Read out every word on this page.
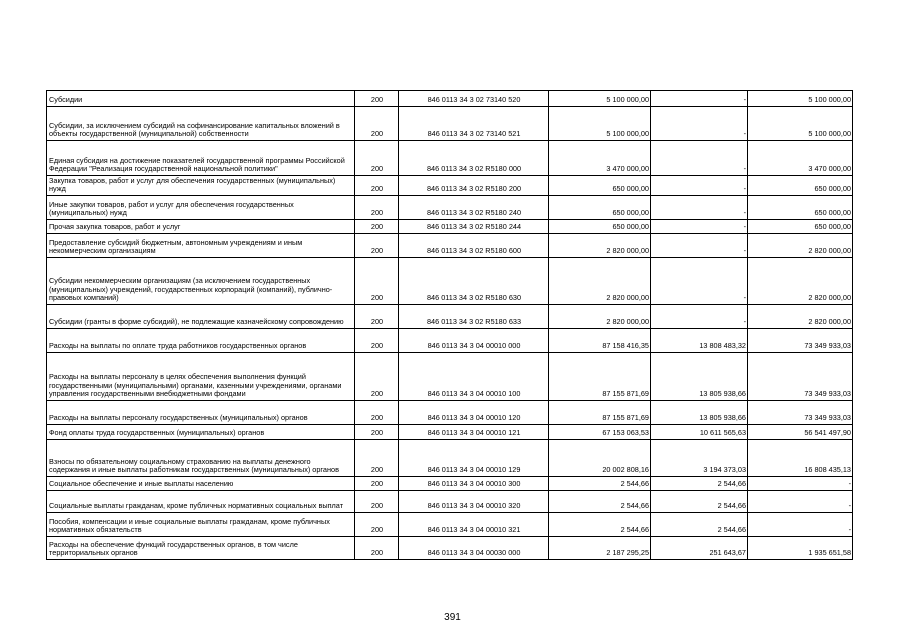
Субсидии	200	846 0113 34 3 02 73140 520	5 100 000,00	-	5 100 000,00
Субсидии, за исключением субсидий на софинансирование капитальных вложений в объекты государственной (муниципальной) собственности	200	846 0113 34 3 02 73140 521	5 100 000,00	-	5 100 000,00
Единая субсидия на достижение показателей государственной программы Российской Федерации "Реализация государственной национальной политики"	200	846 0113 34 3 02 R5180 000	3 470 000,00	-	3 470 000,00
Закупка товаров, работ и услуг для обеспечения государственных (муниципальных) нужд	200	846 0113 34 3 02 R5180 200	650 000,00	-	650 000,00
Иные закупки товаров, работ и услуг для обеспечения государственных (муниципальных) нужд	200	846 0113 34 3 02 R5180 240	650 000,00	-	650 000,00
Прочая закупка товаров, работ и услуг	200	846 0113 34 3 02 R5180 244	650 000,00	-	650 000,00
Предоставление субсидий бюджетным, автономным учреждениям и иным некоммерческим организациям	200	846 0113 34 3 02 R5180 600	2 820 000,00	-	2 820 000,00
Субсидии некоммерческим организациям (за исключением государственных (муниципальных) учреждений, государственных корпораций (компаний), публично-правовых компаний)	200	846 0113 34 3 02 R5180 630	2 820 000,00	-	2 820 000,00
Субсидии (гранты в форме субсидий), не подлежащие казначейскому сопровождению	200	846 0113 34 3 02 R5180 633	2 820 000,00	-	2 820 000,00
Расходы на выплаты по оплате труда работников государственных органов	200	846 0113 34 3 04 00010 000	87 158 416,35	13 808 483,32	73 349 933,03
Расходы на выплаты персоналу в целях обеспечения выполнения функций государственными (муниципальными) органами, казенными учреждениями, органами управления государственными внебюджетными фондами	200	846 0113 34 3 04 00010 100	87 155 871,69	13 805 938,66	73 349 933,03
Расходы на выплаты персоналу государственных (муниципальных) органов	200	846 0113 34 3 04 00010 120	87 155 871,69	13 805 938,66	73 349 933,03
Фонд оплаты труда государственных (муниципальных) органов	200	846 0113 34 3 04 00010 121	67 153 063,53	10 611 565,63	56 541 497,90
Взносы по обязательному социальному страхованию на выплаты денежного содержания и иные выплаты работникам государственных (муниципальных) органов	200	846 0113 34 3 04 00010 129	20 002 808,16	3 194 373,03	16 808 435,13
Социальное обеспечение и иные выплаты населению	200	846 0113 34 3 04 00010 300	2 544,66	2 544,66	-
Социальные выплаты гражданам, кроме публичных нормативных социальных выплат	200	846 0113 34 3 04 00010 320	2 544,66	2 544,66	-
Пособия, компенсации и иные социальные выплаты гражданам, кроме публичных нормативных обязательств	200	846 0113 34 3 04 00010 321	2 544,66	2 544,66	-
Расходы на обеспечение функций государственных органов, в том числе территориальных органов	200	846 0113 34 3 04 00030 000	2 187 295,25	251 643,67	1 935 651,58
391
